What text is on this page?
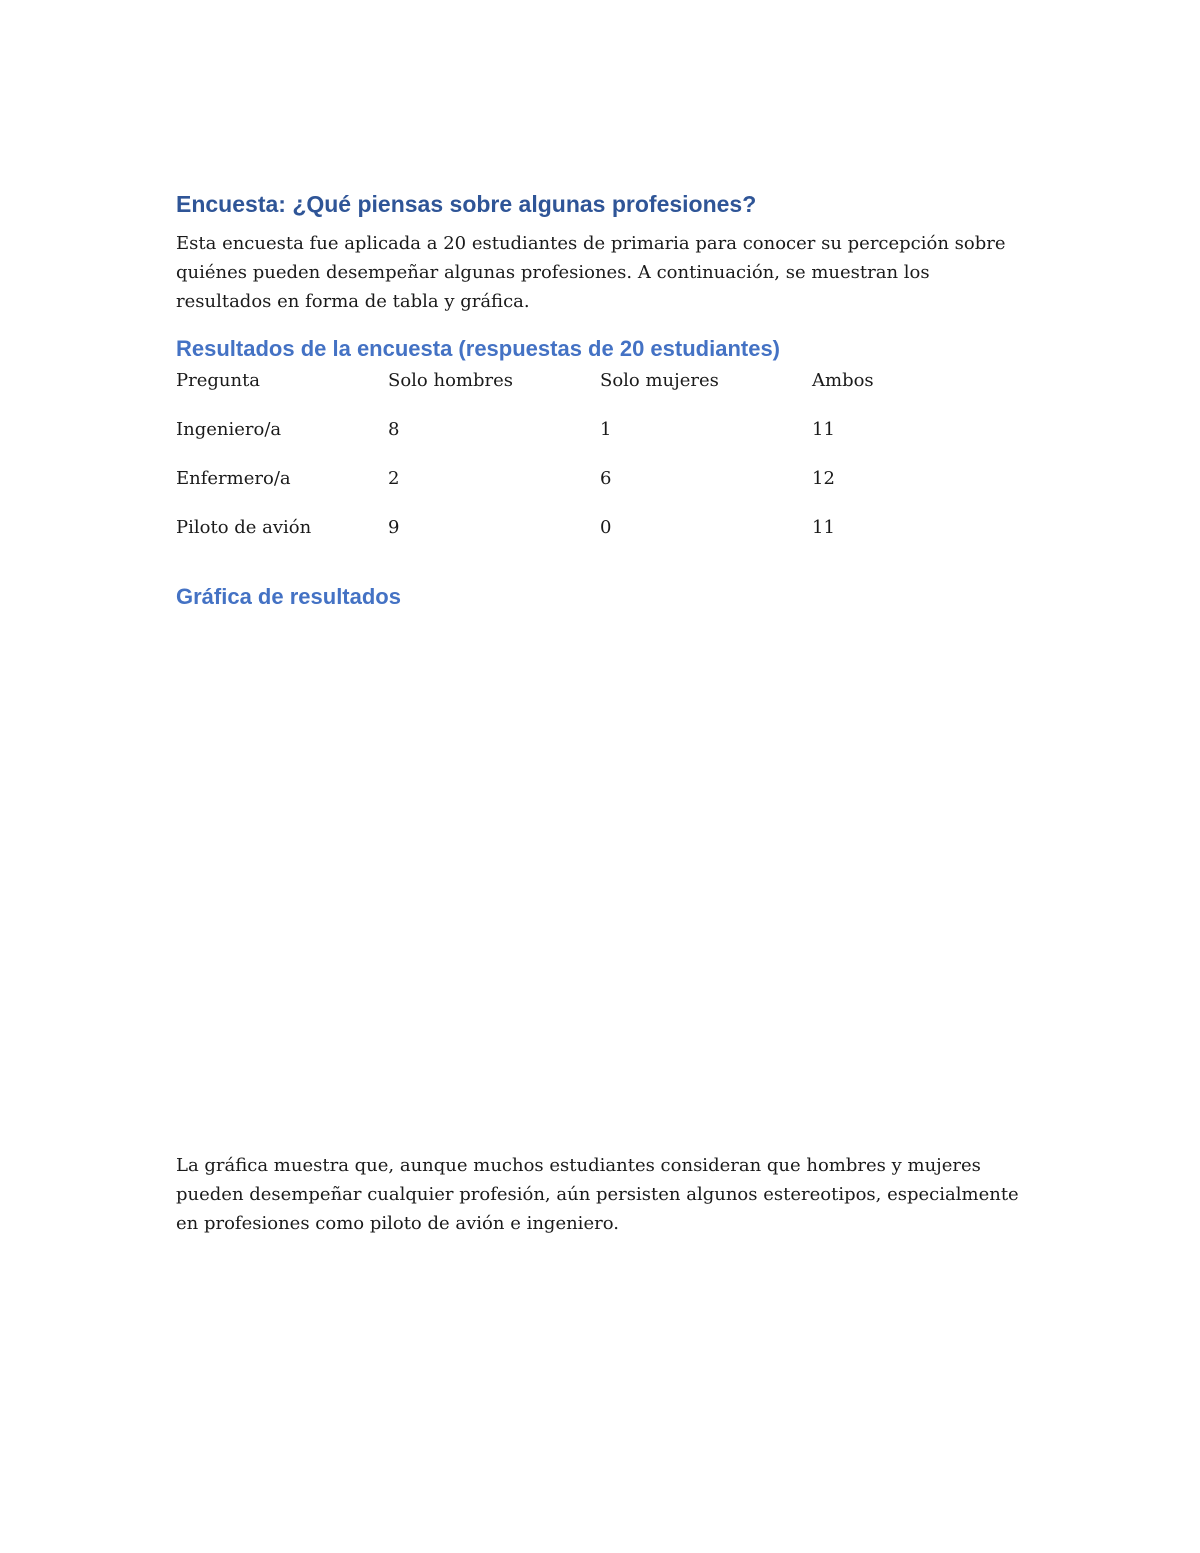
Encuesta: ¿Qué piensas sobre algunas profesiones?
Esta encuesta fue aplicada a 20 estudiantes de primaria para conocer su percepción sobre
quiénes pueden desempeñar algunas profesiones. A continuación, se muestran los
resultados en forma de tabla y gráfica.
Resultados de la encuesta (respuestas de 20 estudiantes)
Pregunta	Solo hombres	Solo mujeres	Ambos
Ingeniero/a	8	1	11
Enfermero/a	2	6	12
Piloto de avión	9	0	11
Gráfica de resultados
La gráfica muestra que, aunque muchos estudiantes consideran que hombres y mujeres
pueden desempeñar cualquier profesión, aún persisten algunos estereotipos, especialmente
en profesiones como piloto de avión e ingeniero.
